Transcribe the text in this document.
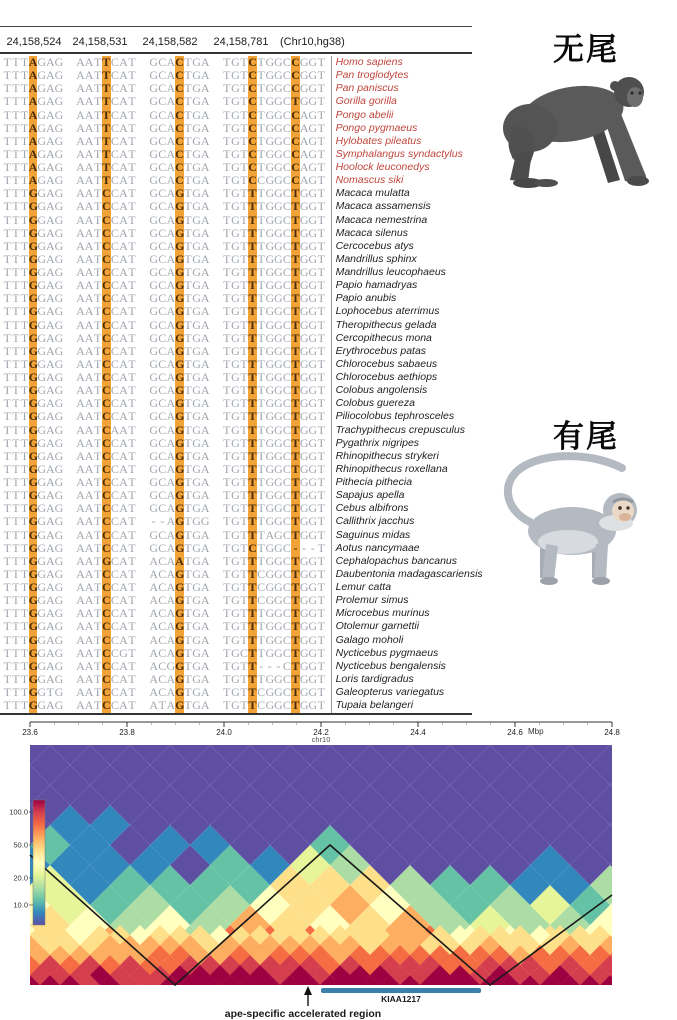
24,158,524 24,158,531 24,158,582 24,158,781 (Chr10,hg38)
TTTAGAG AATTCAT GCACTGA TGTCTGGCCGGT Homo sapiens
TTTAGAG AATTCAT GCACTGA TGTCTGGCCGGT Pan troglodytes
TTTAGAG AATTCAT GCACTGA TGTCTGGCCGGT Pan paniscus
TTTAGAG AATTCAT GCACTGA TGTCTGGCTGGT Gorilla gorilla
TTTAGAG AATTCAT GCACTGA TGTCTGGCCAGT Pongo abelii
TTTAGAG AATTCAT GCACTGA TGTCTGGCCAGT Pongo pygmaeus
TTTAGAG AATTCAT GCACTGA TGTCTGGCCAGT Hylobates pileatus
TTTAGAG AATTCAT GCACTGA TGTCTGGCCAGT Symphalangus syndactylus
TTTAGAG AATTCAT GCACTGA TGTCTGGCCAGT Hoolock leuconedys
TTTAGAG AATTCAT GCACTGA TGTCCGGCCAGT Nomascus siki
TTTGGAG AATCCAT GCAGTGA TGTTTGGCTGGT Macaca mulatta
TTTGGAG AATCCAT GCAGTGA TGTTTGGCTGGT Macaca assamensis
TTTGGAG AATCCAT GCAGTGA TGTTTGGCTGGT Macaca nemestrina
TTTGGAG AATCCAT GCAGTGA TGTTTGGCTGGT Macaca silenus
TTTGGAG AATCCAT GCAGTGA TGTTTGGCTGGT Cercocebus atys
TTTGGAG AATCCAT GCAGTGA TGTTTGGCTGGT Mandrillus sphinx
TTTGGAG AATCCAT GCAGTGA TGTTTGGCTGGT Mandrillus leucophaeus
TTTGGAG AATCCAT GCAGTGA TGTTTGGCTGGT Papio hamadryas
TTTGGAG AATCCAT GCAGTGA TGTTTGGCTGGT Papio anubis
TTTGGAG AATCCAT GCAGTGA TGTTTGGCTGGT Lophocebus aterrimus
TTTGGAG AATCCAT GCAGTGA TGTTTGGCTGGT Theropithecus gelada
TTTGGAG AATCCAT GCAGTGA TGTTTGGCTGGT Cercopithecus mona
TTTGGAG AATCCAT GCAGTGA TGTTTGGCTGGT Erythrocebus patas
TTTGGAG AATCCAT GCAGTGA TGTTTGGCTGGT Chlorocebus sabaeus
TTTGGAG AATCCAT GCAGTGA TGTTTGGCTGGT Chlorocebus aethiops
TTTGGAG AATCCAT GCAGTGA TGTTTGGCTGGT Colobus angolensis
TTTGGAG AATCCAT GCAGTGA TGTTTGGCTGGT Colobus guereza
TTTGGAG AATCCAT GCAGTGA TGTTTGGCTGGT Piliocolobus tephrosceles
TTTGGAG AATCAAT GCAGTGA TGTTTGGCTGGT Trachypithecus crepusculus
TTTGGAG AATCCAT GCAGTGA TGTTTGGCTGGT Pygathrix nigripes
TTTGGAG AATCCAT GCAGTGA TGTTTGGCTGGT Rhinopithecus strykeri
TTTGGAG AATCCAT GCAGTGA TGTTTGGCTGGT Rhinopithecus roxellana
TTTGGAG AATCCAT GCAGTGA TGTTTGGCTGGT Pithecia pithecia
TTTGGAG AATCCAT GCAGTGA TGTTTGGCTGGT Sapajus apella
TTTGGAG AATCCAT GCAGTGA TGTTTGGCTGGT Cebus albifrons
TTTGGAG AATCCAT - - AGTGG TGTTTGGCTGGT Callithrix jacchus
TTTGGAG AATCCAT GCAGTGA TGTTTAGCTGGT Saguinus midas
TTTGGAG AATCCAT GCAGTGA TGTCTGGC - - - T Aotus nancymaae
TTTGGAG AATGCAT ACAATGA TGTTTGGCTGGT Cephalopachus bancanus
TTTGGAG AATCCAT ACAGTGA TGTTCGGCTGGT Daubentonia madagascariensis
TTTGGAG AATCCAT ACAGTGA TGTTCGGCTGGT Lemur catta
TTTGGAG AATCCAT ACAGTGA TGTTCGGCTGGT Prolemur simus
TTTGGAG AATCCAT ACAGTGA TGTTTGGCTGGT Microcebus murinus
TTTGGAG AATCCAT ACAGTGA TGTTTGGCTGGT Otolemur garnettii
TTTGGAG AATCCAT ACAGTGA TGTTTGGCTGGT Galago moholi
TTTGGAG AATCCGT ACAGTGA TGCTTGGCTGGT Nycticebus pygmaeus
TTTGGAG AATCCAT ACGGTGA TGTT - - - CTGGT Nycticebus bengalensis
TTTGGAG AATCCAT ACAGTGA TGTTTGGCTGGT Loris tardigradus
TTTGGTG AATCCAT ACAGTGA TGTTCGGCTGGT Galeopterus variegatus
TTTGGAG AATCCAT ATAGTGA TGTTCGGCTGGT Tupaia belangeri
无尾
有尾
23.6	23.8	24.0	24.2	24.4	24.6	24.8
Mbp
chr10
100.0
50.0
20.0
10.0
KIAA1217
ape-specific accelerated region
